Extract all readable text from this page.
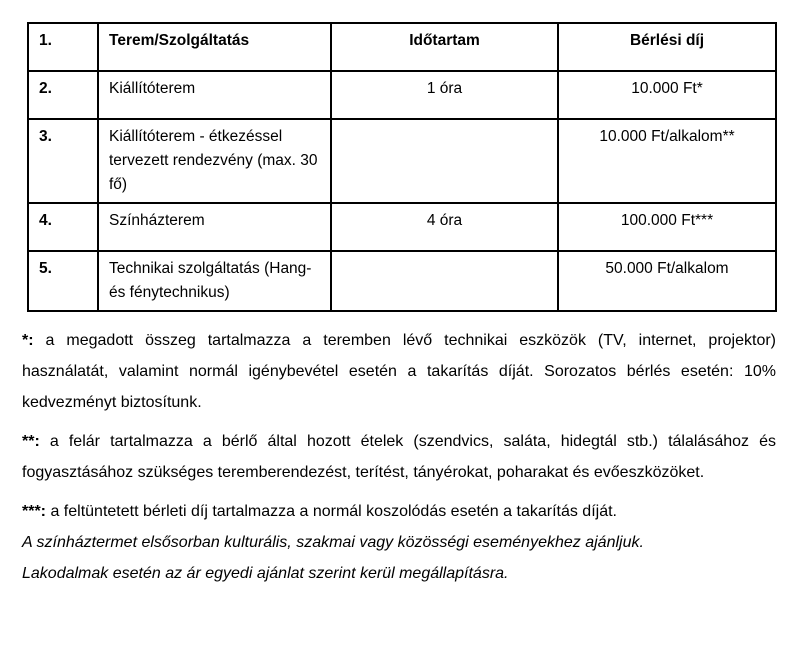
1.	Terem/Szolgáltatás	Időtartam	Bérlési díj
2.	Kiállítóterem	1 óra	10.000 Ft*
3.	Kiállítóterem - étkezéssel tervezett rendezvény (max. 30 fő)		10.000 Ft/alkalom**
4.	Színházterem	4 óra	100.000 Ft***
5.	Technikai szolgáltatás (Hang- és fénytechnikus)		50.000 Ft/alkalom

*: a megadott összeg tartalmazza a teremben lévő technikai eszközök (TV, internet, projektor) használatát, valamint normál igénybevétel esetén a takarítás díját. Sorozatos bérlés esetén: 10% kedvezményt biztosítunk.

**: a felár tartalmazza a bérlő által hozott ételek (szendvics, saláta, hidegtál stb.) tálalásához és fogyasztásához szükséges teremberendezést, terítést, tányérokat, poharakat és evőeszközöket.

***: a feltüntetett bérleti díj tartalmazza a normál koszolódás esetén a takarítás díját.

A színháztermet elsősorban kulturális, szakmai vagy közösségi eseményekhez ajánljuk.

Lakodalmak esetén az ár egyedi ajánlat szerint kerül megállapításra.
